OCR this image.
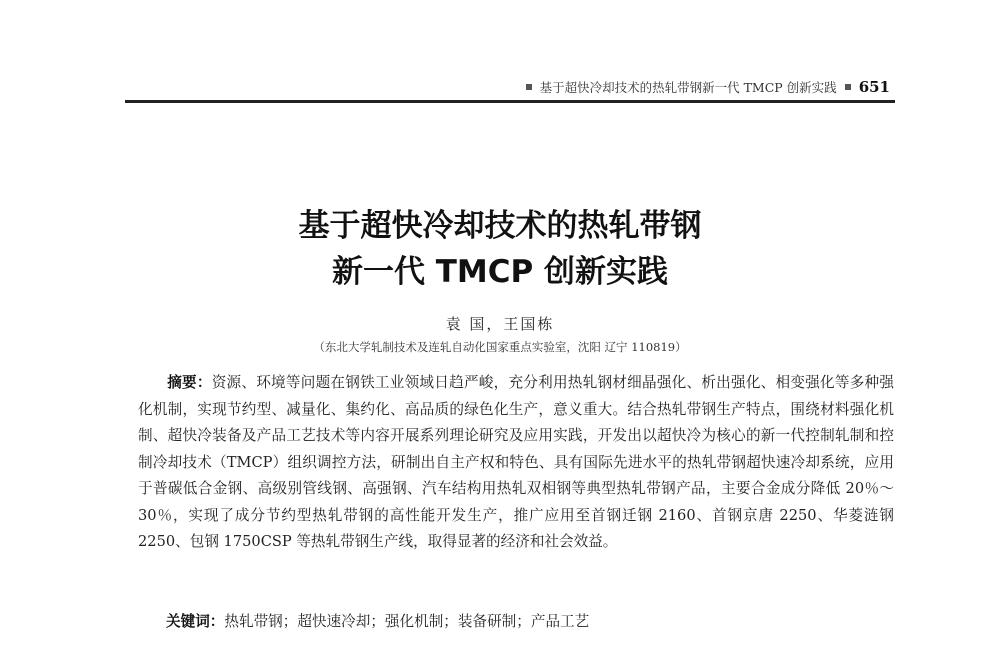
基于超快冷却技术的热轧带钢新一代 TMCP 创新实践 651
基于超快冷却技术的热轧带钢
新一代 TMCP 创新实践
袁 国，王国栋
（东北大学轧制技术及连轧自动化国家重点实验室，沈阳 辽宁 110819）
摘要：资源、环境等问题在钢铁工业领域日趋严峻，充分利用热轧钢材细晶强化、析出强化、相变强化等多种强化机制，实现节约型、减量化、集约化、高品质的绿色化生产，意义重大。结合热轧带钢生产特点，围绕材料强化机制、超快冷装备及产品工艺技术等内容开展系列理论研究及应用实践，开发出以超快冷为核心的新一代控制轧制和控制冷却技术（TMCP）组织调控方法，研制出自主产权和特色、具有国际先进水平的热轧带钢超快速冷却系统，应用于普碳低合金钢、高级别管线钢、高强钢、汽车结构用热轧双相钢等典型热轧带钢产品，主要合金成分降低 20％～30％，实现了成分节约型热轧带钢的高性能开发生产，推广应用至首钢迁钢 2160、首钢京唐 2250、华菱涟钢 2250、包钢 1750CSP 等热轧带钢生产线，取得显著的经济和社会效益。
关键词：热轧带钢；超快速冷却；强化机制；装备研制；产品工艺
